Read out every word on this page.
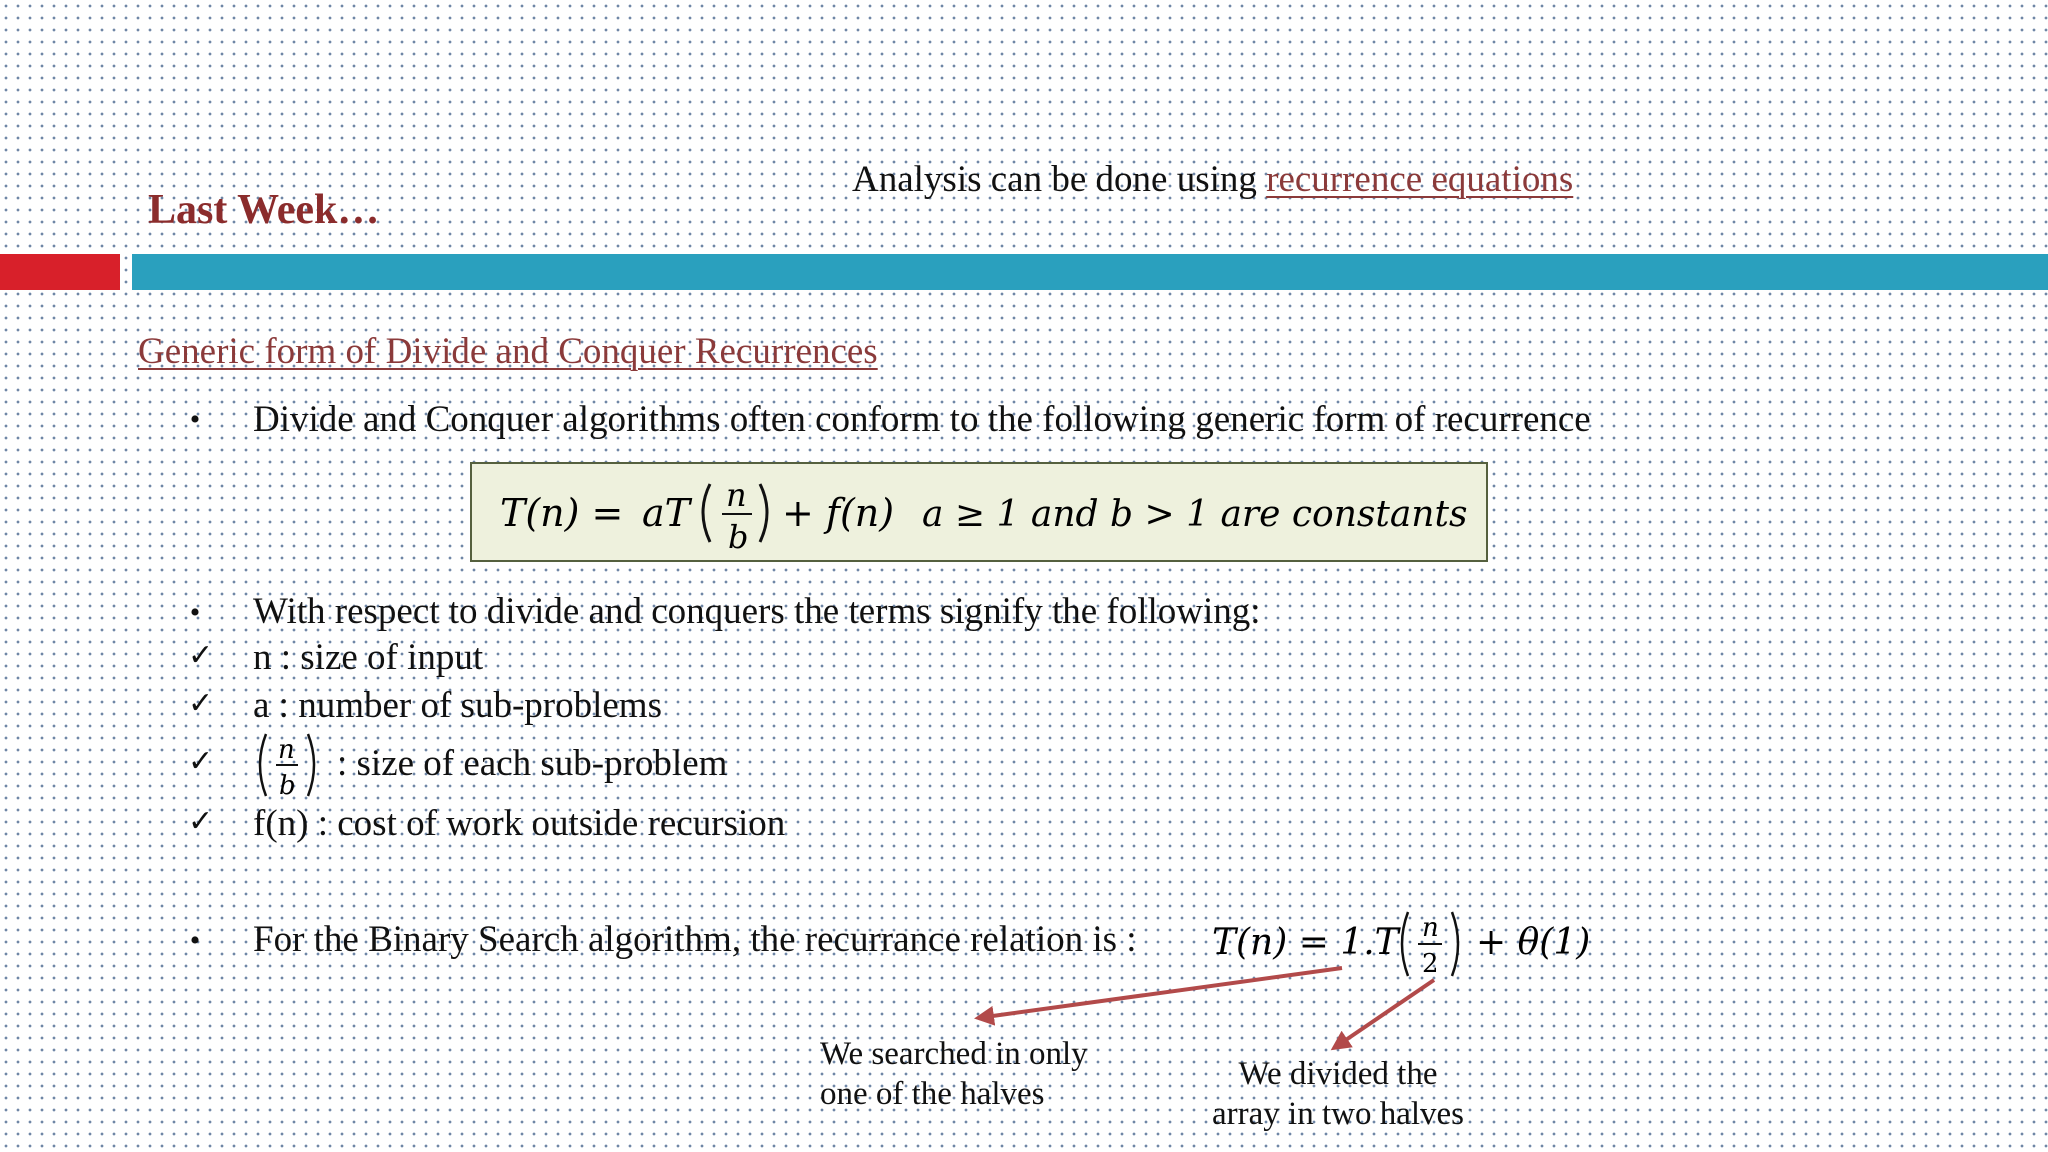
Last Week…
Analysis can be done using recurrence equations
Generic form of Divide and Conquer Recurrences
• Divide and Conquer algorithms often conform to the following generic form of recurrence
T(n) = aT n
b
+ f(n) a ≥ 1 and b > 1 are constants
• With respect to divide and conquers the terms signify the following:
✓ n : size of input
✓ a : number of sub-problems
✓ n
b
: size of each sub-problem
✓ f(n) : cost of work outside recursion
• For the Binary Search algorithm, the recurrance relation is : T(n) = 1.T n
2
+ θ(1)
We searched in only
one of the halves
We divided the
array in two halves
